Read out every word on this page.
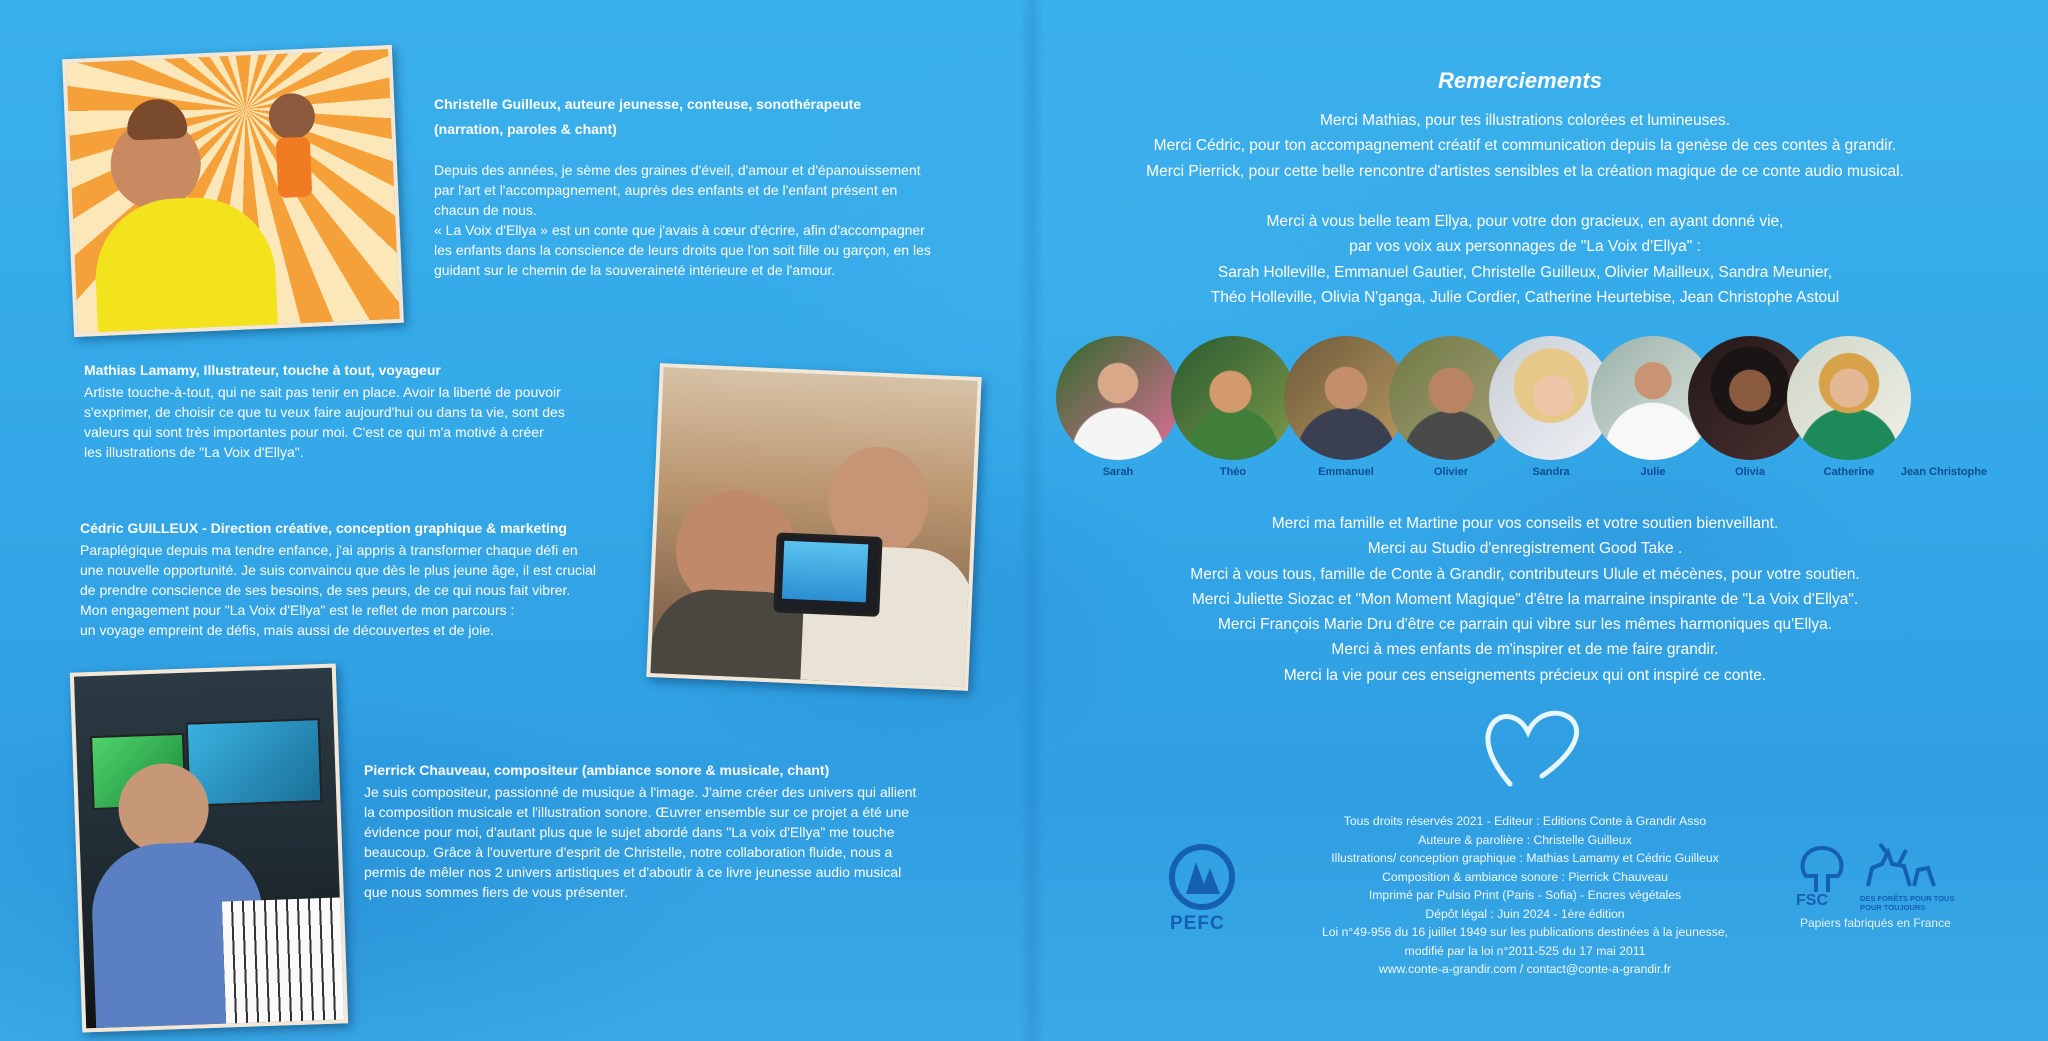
Christelle Guilleux, auteure jeunesse, conteuse, sonothérapeute
(narration, paroles & chant)
Depuis des années, je sème des graines d'éveil, d'amour et d'épanouissement
par l'art et l'accompagnement, auprès des enfants et de l'enfant présent en
chacun de nous.
« La Voix d'Ellya » est un conte que j'avais à cœur d'écrire, afin d'accompagner
les enfants dans la conscience de leurs droits que l'on soit fille ou garçon, en les
guidant sur le chemin de la souveraineté intérieure et de l'amour.
Mathias Lamamy, Illustrateur, touche à tout, voyageur
Artiste touche-à-tout, qui ne sait pas tenir en place. Avoir la liberté de pouvoir
s'exprimer, de choisir ce que tu veux faire aujourd'hui ou dans ta vie, sont des
valeurs qui sont très importantes pour moi. C'est ce qui m'a motivé à créer
les illustrations de "La Voix d'Ellya".
Cédric GUILLEUX - Direction créative, conception graphique & marketing
Paraplégique depuis ma tendre enfance, j'ai appris à transformer chaque défi en
une nouvelle opportunité. Je suis convaincu que dès le plus jeune âge, il est crucial
de prendre conscience de ses besoins, de ses peurs, de ce qui nous fait vibrer.
Mon engagement pour "La Voix d'Ellya" est le reflet de mon parcours :
un voyage empreint de défis, mais aussi de découvertes et de joie.
Pierrick Chauveau, compositeur (ambiance sonore & musicale, chant)
Je suis compositeur, passionné de musique à l'image. J'aime créer des univers qui allient
la composition musicale et l'illustration sonore. Œuvrer ensemble sur ce projet a été une
évidence pour moi, d'autant plus que le sujet abordé dans "La voix d'Ellya" me touche
beaucoup. Grâce à l'ouverture d'esprit de Christelle, notre collaboration fluide, nous a
permis de mêler nos 2 univers artistiques et d'aboutir à ce livre jeunesse audio musical
que nous sommes fiers de vous présenter.
Remerciements
Merci Mathias, pour tes illustrations colorées et lumineuses.
Merci Cédric, pour ton accompagnement créatif et communication depuis la genèse de ces contes à grandir.
Merci Pierrick, pour cette belle rencontre d'artistes sensibles et la création magique de ce conte audio musical.

Merci à vous belle team Ellya, pour votre don gracieux, en ayant donné vie,
par vos voix aux personnages de "La Voix d'Ellya" :
Sarah Holleville, Emmanuel Gautier, Christelle Guilleux, Olivier Mailleux, Sandra Meunier,
Théo Holleville, Olivia N'ganga, Julie Cordier, Catherine Heurtebise, Jean Christophe Astoul
Sarah	Théo	Emmanuel	Olivier	Sandra	Julie	Olivia	Catherine	Jean Christophe
Merci ma famille et Martine pour vos conseils et votre soutien bienveillant.
Merci au Studio d'enregistrement Good Take .
Merci à vous tous, famille de Conte à Grandir, contributeurs Ulule et mécènes, pour votre soutien.
Merci Juliette Siozac et "Mon Moment Magique" d'être la marraine inspirante de "La Voix d'Ellya".
Merci François Marie Dru d'être ce parrain qui vibre sur les mêmes harmoniques qu'Ellya.
Merci à mes enfants de m'inspirer et de me faire grandir.
Merci la vie pour ces enseignements précieux qui ont inspiré ce conte.
Tous droits réservés 2021 - Editeur : Editions Conte à Grandir Asso
Auteure & parolière : Christelle Guilleux
Illustrations/ conception graphique : Mathias Lamamy et Cédric Guilleux
Composition & ambiance sonore : Pierrick Chauveau
Imprimé par Pulsio Print (Paris - Sofia) - Encres végétales
Dépôt légal : Juin 2024 - 1ère édition
Loi n°49-956 du 16 juillet 1949 sur les publications destinées à la jeunesse,
modifié par la loi n°2011-525 du 17 mai 2011
www.conte-a-grandir.com / contact@conte-a-grandir.fr
PEFC
FSC	DES FORÊTS POUR TOUS POUR TOUJOURS
Papiers fabriqués en France
